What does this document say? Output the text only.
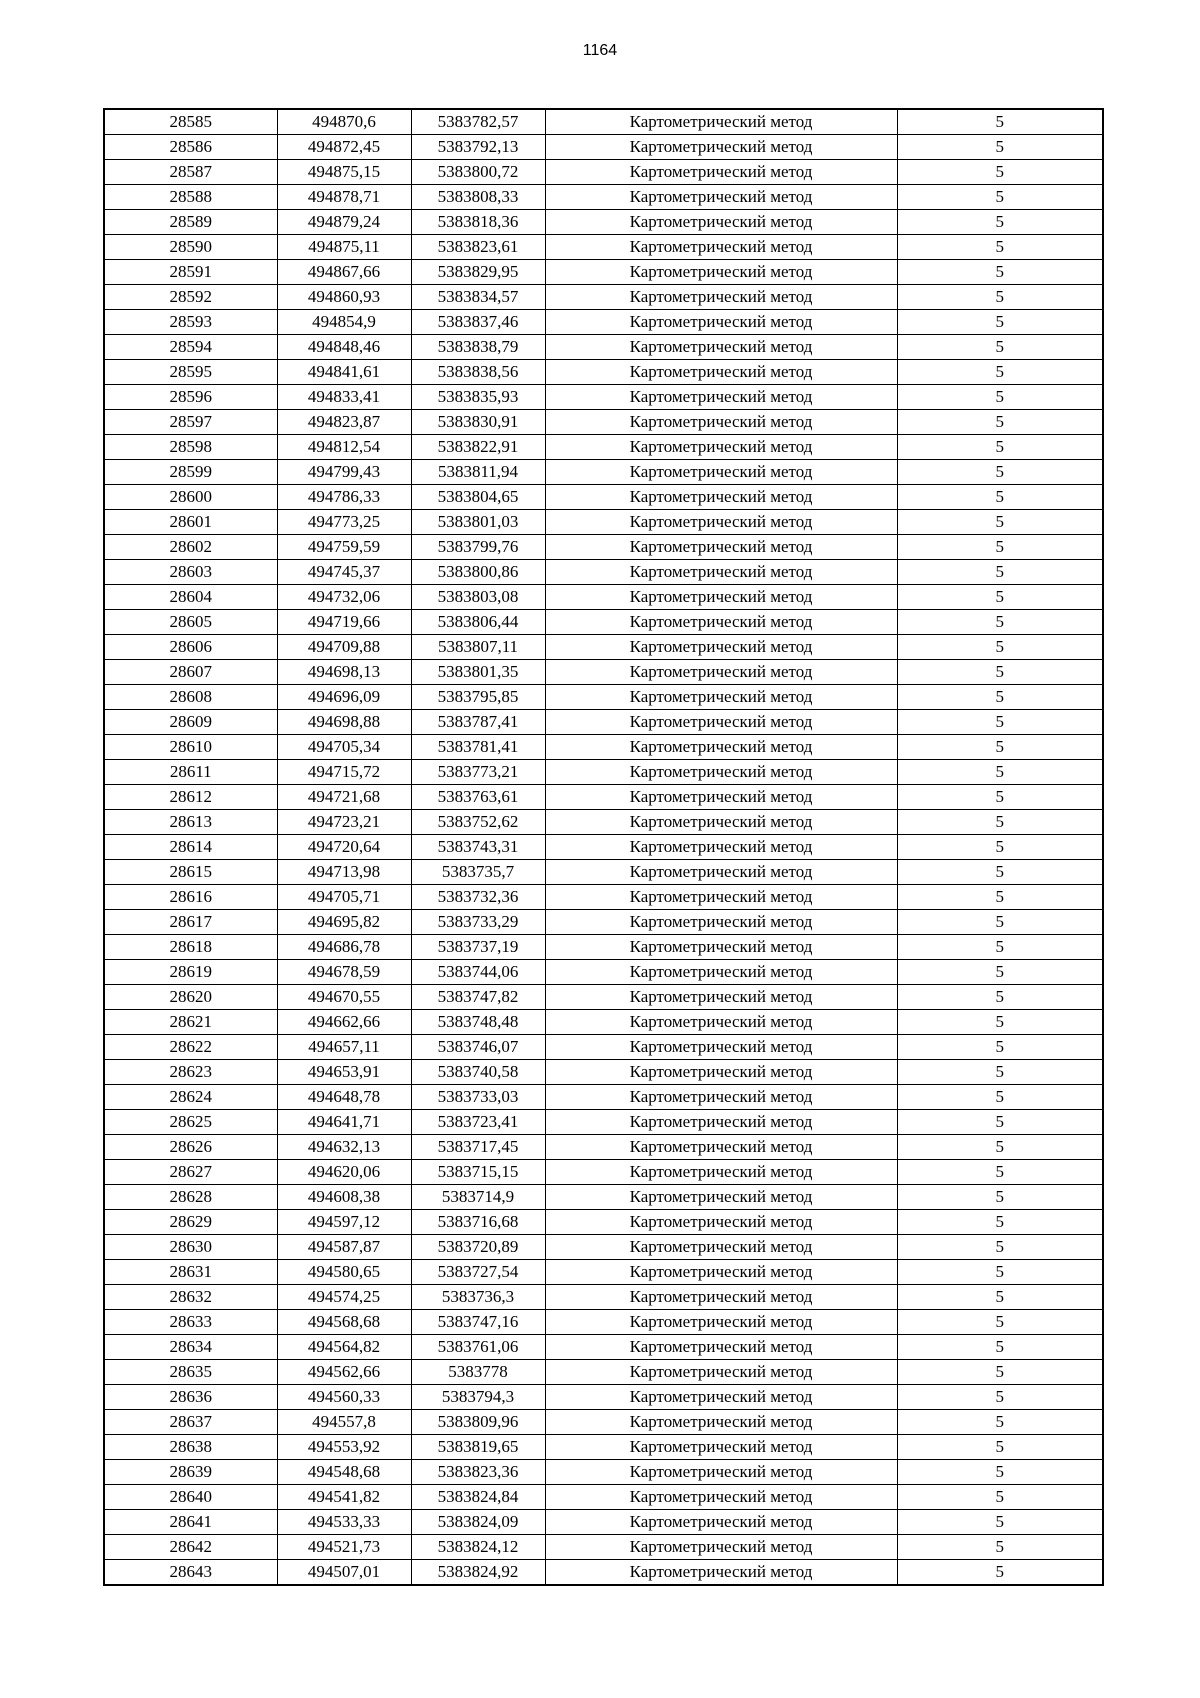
1164
28585	494870,6	5383782,57	Картометрический метод	5
28586	494872,45	5383792,13	Картометрический метод	5
28587	494875,15	5383800,72	Картометрический метод	5
28588	494878,71	5383808,33	Картометрический метод	5
28589	494879,24	5383818,36	Картометрический метод	5
28590	494875,11	5383823,61	Картометрический метод	5
28591	494867,66	5383829,95	Картометрический метод	5
28592	494860,93	5383834,57	Картометрический метод	5
28593	494854,9	5383837,46	Картометрический метод	5
28594	494848,46	5383838,79	Картометрический метод	5
28595	494841,61	5383838,56	Картометрический метод	5
28596	494833,41	5383835,93	Картометрический метод	5
28597	494823,87	5383830,91	Картометрический метод	5
28598	494812,54	5383822,91	Картометрический метод	5
28599	494799,43	5383811,94	Картометрический метод	5
28600	494786,33	5383804,65	Картометрический метод	5
28601	494773,25	5383801,03	Картометрический метод	5
28602	494759,59	5383799,76	Картометрический метод	5
28603	494745,37	5383800,86	Картометрический метод	5
28604	494732,06	5383803,08	Картометрический метод	5
28605	494719,66	5383806,44	Картометрический метод	5
28606	494709,88	5383807,11	Картометрический метод	5
28607	494698,13	5383801,35	Картометрический метод	5
28608	494696,09	5383795,85	Картометрический метод	5
28609	494698,88	5383787,41	Картометрический метод	5
28610	494705,34	5383781,41	Картометрический метод	5
28611	494715,72	5383773,21	Картометрический метод	5
28612	494721,68	5383763,61	Картометрический метод	5
28613	494723,21	5383752,62	Картометрический метод	5
28614	494720,64	5383743,31	Картометрический метод	5
28615	494713,98	5383735,7	Картометрический метод	5
28616	494705,71	5383732,36	Картометрический метод	5
28617	494695,82	5383733,29	Картометрический метод	5
28618	494686,78	5383737,19	Картометрический метод	5
28619	494678,59	5383744,06	Картометрический метод	5
28620	494670,55	5383747,82	Картометрический метод	5
28621	494662,66	5383748,48	Картометрический метод	5
28622	494657,11	5383746,07	Картометрический метод	5
28623	494653,91	5383740,58	Картометрический метод	5
28624	494648,78	5383733,03	Картометрический метод	5
28625	494641,71	5383723,41	Картометрический метод	5
28626	494632,13	5383717,45	Картометрический метод	5
28627	494620,06	5383715,15	Картометрический метод	5
28628	494608,38	5383714,9	Картометрический метод	5
28629	494597,12	5383716,68	Картометрический метод	5
28630	494587,87	5383720,89	Картометрический метод	5
28631	494580,65	5383727,54	Картометрический метод	5
28632	494574,25	5383736,3	Картометрический метод	5
28633	494568,68	5383747,16	Картометрический метод	5
28634	494564,82	5383761,06	Картометрический метод	5
28635	494562,66	5383778	Картометрический метод	5
28636	494560,33	5383794,3	Картометрический метод	5
28637	494557,8	5383809,96	Картометрический метод	5
28638	494553,92	5383819,65	Картометрический метод	5
28639	494548,68	5383823,36	Картометрический метод	5
28640	494541,82	5383824,84	Картометрический метод	5
28641	494533,33	5383824,09	Картометрический метод	5
28642	494521,73	5383824,12	Картометрический метод	5
28643	494507,01	5383824,92	Картометрический метод	5
